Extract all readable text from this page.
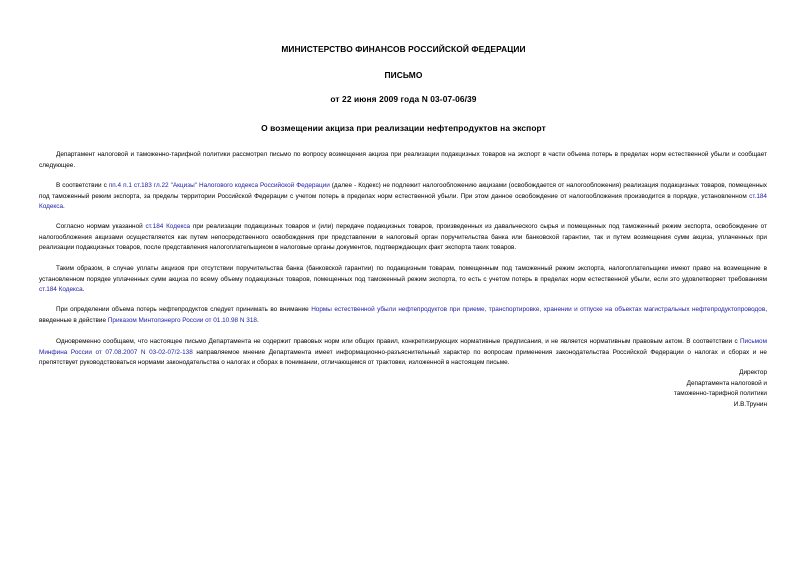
МИНИСТЕРСТВО ФИНАНСОВ РОССИЙСКОЙ ФЕДЕРАЦИИ
ПИСЬМО
от 22 июня 2009 года N 03-07-06/39
О возмещении акциза при реализации нефтепродуктов на экспорт

Департамент налоговой и таможенно-тарифной политики рассмотрел письмо по вопросу возмещения акциза при реализации подакцизных товаров на экспорт в части объема потерь в пределах норм естественной убыли и сообщает следующее.

В соответствии с пп.4 п.1 ст.183 гл.22 "Акцизы" Налогового кодекса Российской Федерации (далее - Кодекс) не подлежит налогообложению акцизами (освобождается от налогообложения) реализация подакцизных товаров, помещенных под таможенный режим экспорта, за пределы территории Российской Федерации с учетом потерь в пределах норм естественной убыли. При этом данное освобождение от налогообложения производится в порядке, установленном ст.184 Кодекса.

Согласно нормам указанной ст.184 Кодекса при реализации подакцизных товаров и (или) передаче подакцизных товаров, произведенных из давальческого сырья и помещенных под таможенный режим экспорта, освобождение от налогообложения акцизами осуществляется как путем непосредственного освобождения при представлении в налоговый орган поручительства банка или банковской гарантии, так и путем возмещения сумм акциза, уплаченных при реализации подакцизных товаров, после представления налогоплательщиком в налоговые органы документов, подтверждающих факт экспорта таких товаров.

Таким образом, в случае уплаты акцизов при отсутствии поручительства банка (банковской гарантии) по подакцизным товарам, помещенным под таможенный режим экспорта, налогоплательщики имеют право на возмещение в установленном порядке уплаченных сумм акциза по всему объему подакцизных товаров, помещенных под таможенный режим экспорта, то есть с учетом потерь в пределах норм естественной убыли, если это удовлетворяет требованиям ст.184 Кодекса.

При определении объема потерь нефтепродуктов следует принимать во внимание Нормы естественной убыли нефтепродуктов при приеме, транспортировке, хранении и отпуске на объектах магистральных нефтепродуктопроводов, введенные в действие Приказом Минтопэнерго России от 01.10.98 N 318.

Одновременно сообщаем, что настоящее письмо Департамента не содержит правовых норм или общих правил, конкретизирующих нормативные предписания, и не является нормативным правовым актом. В соответствии с Письмом Минфина России от 07.08.2007 N 03-02-07/2-138 направляемое мнение Департамента имеет информационно-разъяснительный характер по вопросам применения законодательства Российской Федерации о налогах и сборах и не препятствует руководствоваться нормами законодательства о налогах и сборах в понимании, отличающемся от трактовки, изложенной в настоящем письме.

Директор
Департамента налоговой и
таможенно-тарифной политики
И.В.Трунин
